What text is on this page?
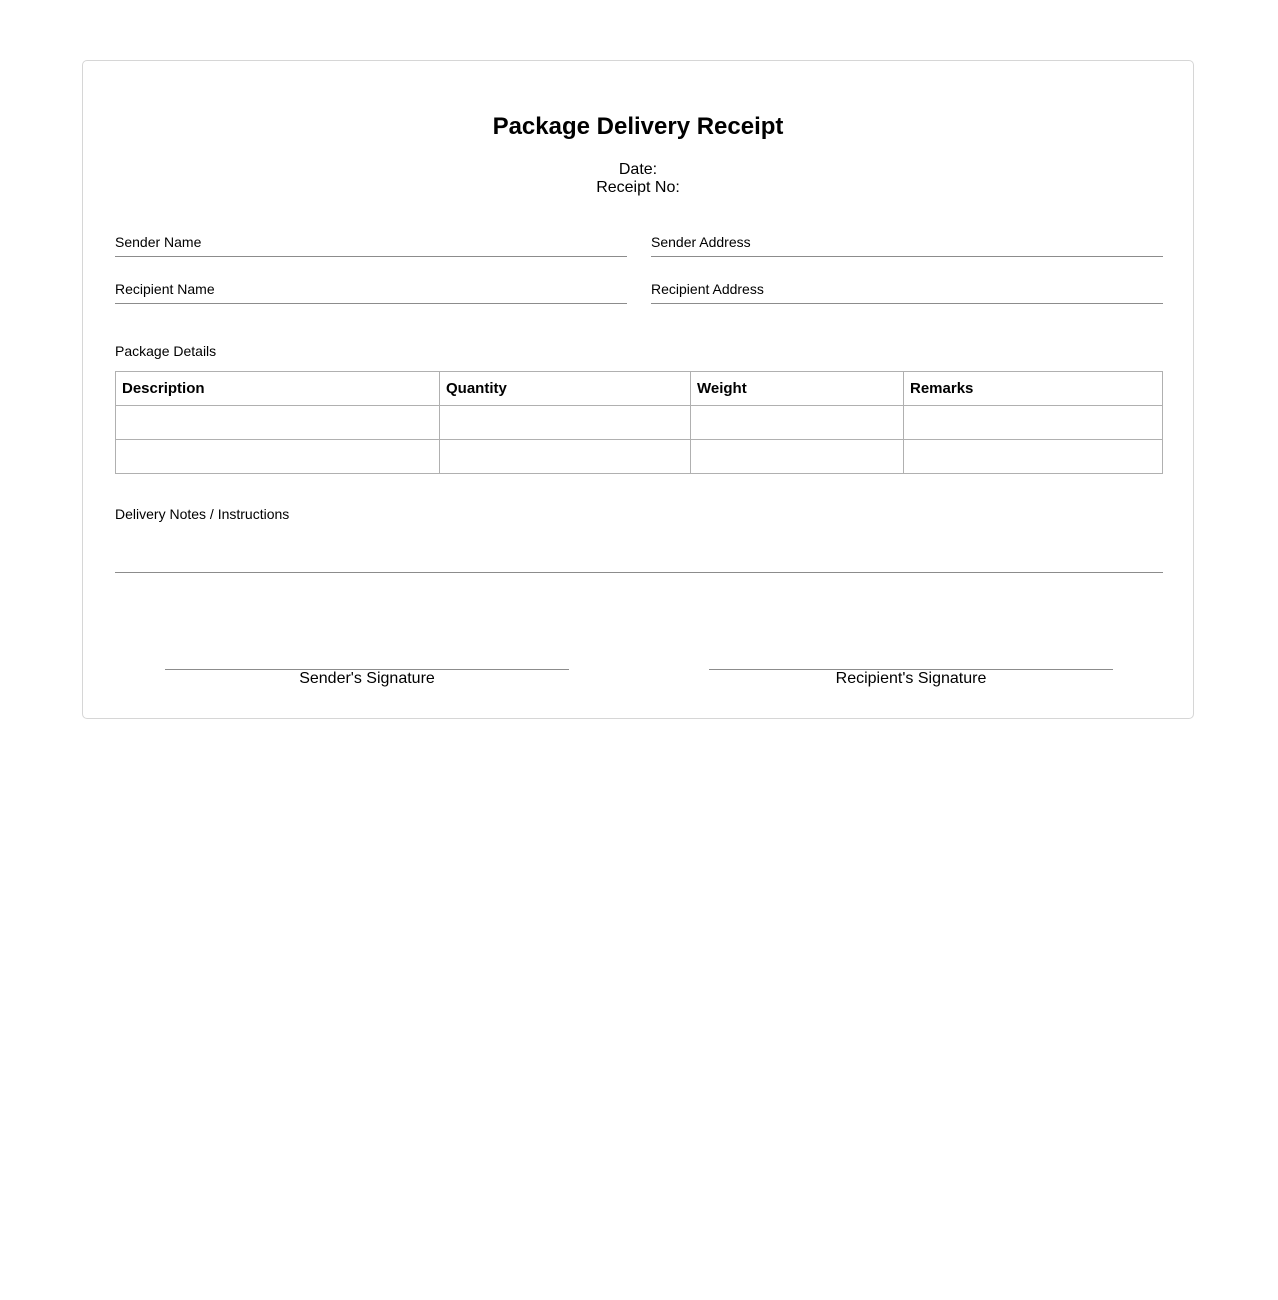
Package Delivery Receipt
Date:
Receipt No:
Sender Name	Sender Address
Recipient Name	Recipient Address
Package Details
Description	Quantity	Weight	Remarks

Delivery Notes / Instructions
Sender's Signature	Recipient's Signature
